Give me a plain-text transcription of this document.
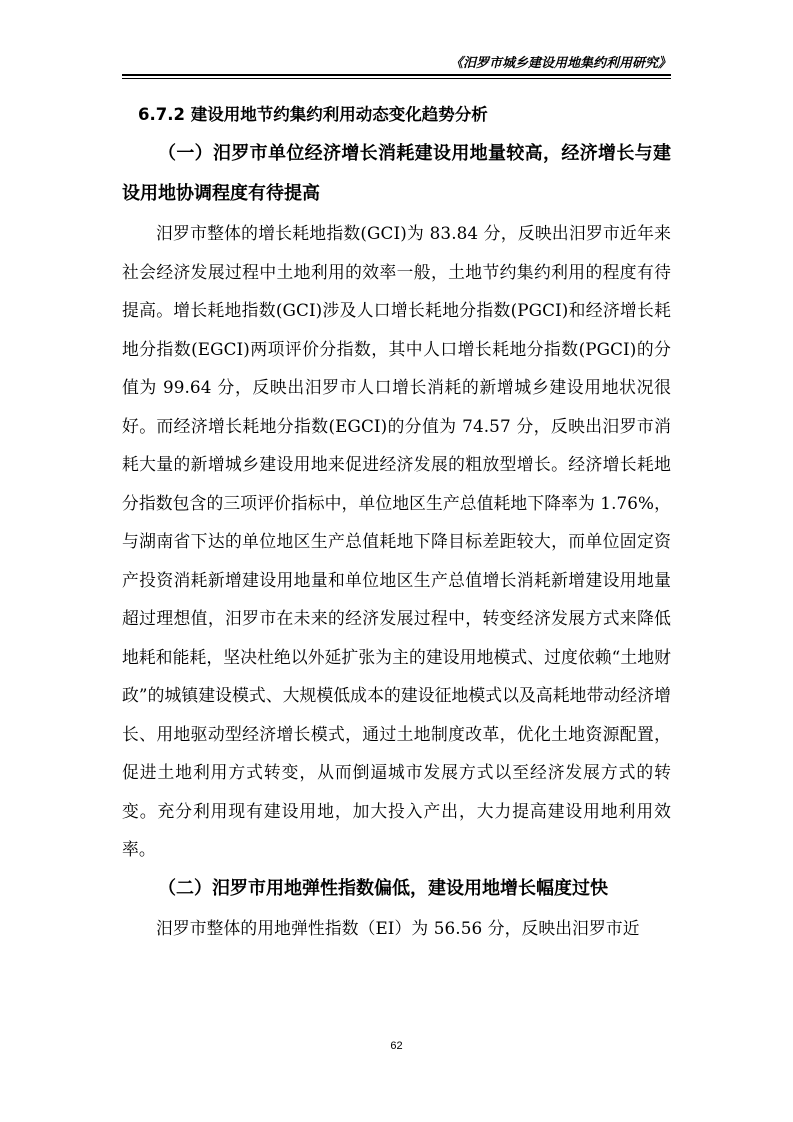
《汨罗市城乡建设用地集约利用研究》

6.7.2 建设用地节约集约利用动态变化趋势分析

（一）汨罗市单位经济增长消耗建设用地量较高，经济增长与建设用地协调程度有待提高

汨罗市整体的增长耗地指数(GCI)为 83.84 分，反映出汨罗市近年来社会经济发展过程中土地利用的效率一般，土地节约集约利用的程度有待提高。增长耗地指数(GCI)涉及人口增长耗地分指数(PGCI)和经济增长耗地分指数(EGCI)两项评价分指数，其中人口增长耗地分指数(PGCI)的分值为 99.64 分，反映出汨罗市人口增长消耗的新增城乡建设用地状况很好。而经济增长耗地分指数(EGCI)的分值为 74.57 分，反映出汨罗市消耗大量的新增城乡建设用地来促进经济发展的粗放型增长。经济增长耗地分指数包含的三项评价指标中，单位地区生产总值耗地下降率为 1.76%，与湖南省下达的单位地区生产总值耗地下降目标差距较大，而单位固定资产投资消耗新增建设用地量和单位地区生产总值增长消耗新增建设用地量超过理想值，汨罗市在未来的经济发展过程中，转变经济发展方式来降低地耗和能耗，坚决杜绝以外延扩张为主的建设用地模式、过度依赖“土地财政”的城镇建设模式、大规模低成本的建设征地模式以及高耗地带动经济增长、用地驱动型经济增长模式，通过土地制度改革，优化土地资源配置，促进土地利用方式转变，从而倒逼城市发展方式以至经济发展方式的转变。充分利用现有建设用地，加大投入产出，大力提高建设用地利用效率。

（二）汨罗市用地弹性指数偏低，建设用地增长幅度过快

汨罗市整体的用地弹性指数（EI）为 56.56 分，反映出汨罗市近

62
